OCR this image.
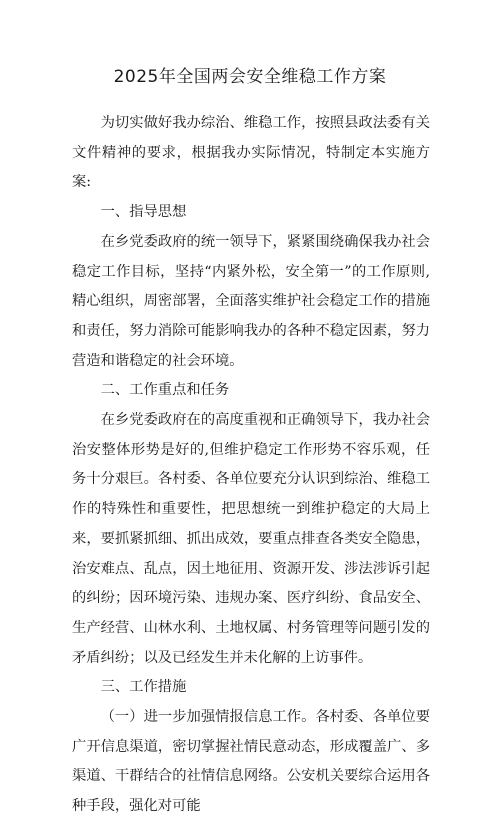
2025年全国两会安全维稳工作方案

为切实做好我办综治、维稳工作，按照县政法委有关文件精神的要求，根据我办实际情况，特制定本实施方案:

一、指导思想

在乡党委政府的统一领导下，紧紧围绕确保我办社会稳定工作目标，坚持“内紧外松，安全第一”的工作原则,精心组织，周密部署，全面落实维护社会稳定工作的措施和责任，努力消除可能影响我办的各种不稳定因素，努力营造和谐稳定的社会环境。

二、工作重点和任务

在乡党委政府在的高度重视和正确领导下，我办社会治安整体形势是好的,但维护稳定工作形势不容乐观，任务十分艰巨。各村委、各单位要充分认识到综治、维稳工作的特殊性和重要性，把思想统一到维护稳定的大局上来，要抓紧抓细、抓出成效，要重点排查各类安全隐患，治安难点、乱点，因土地征用、资源开发、涉法涉诉引起的纠纷；因环境污染、违规办案、医疗纠纷、食品安全、生产经营、山林水利、土地权属、村务管理等问题引发的矛盾纠纷；以及已经发生并未化解的上访事件。

三、工作措施

（一）进一步加强情报信息工作。各村委、各单位要广开信息渠道，密切掌握社情民意动态，形成覆盖广、多渠道、干群结合的社情信息网络。公安机关要综合运用各种手段，强化对可能
